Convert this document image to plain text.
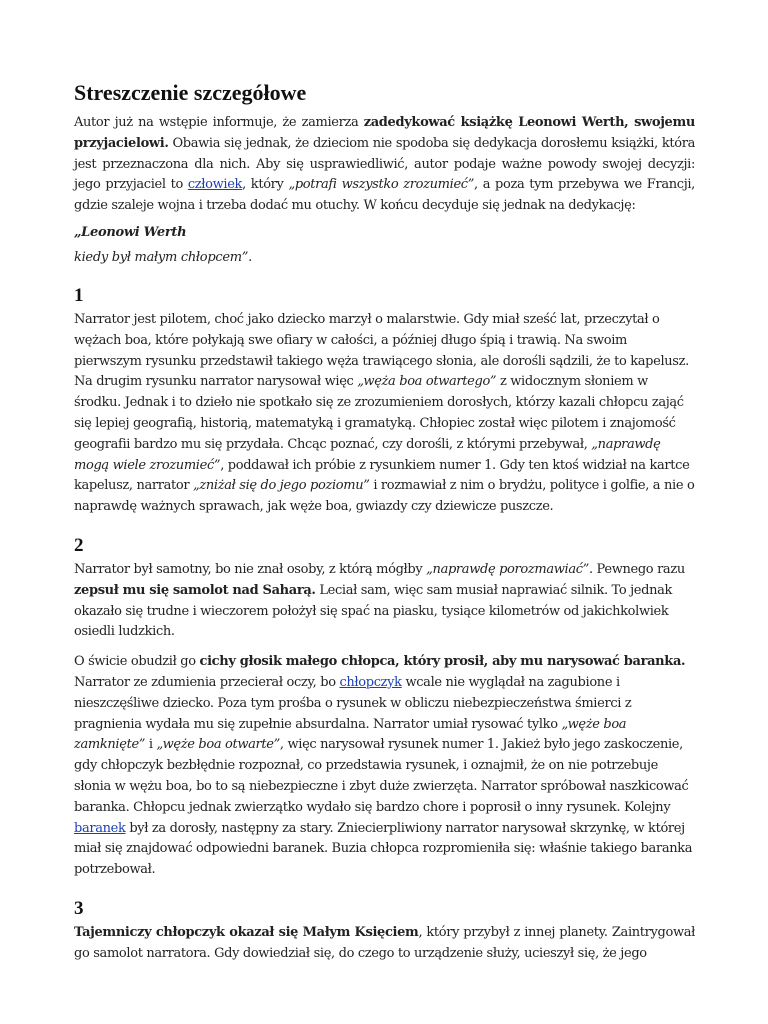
Streszczenie szczegółowe

Autor już na wstępie informuje, że zamierza zadedykować książkę Leonowi Werth, swojemu przyjacielowi. Obawia się jednak, że dzieciom nie spodoba się dedykacja dorosłemu książki, która jest przeznaczona dla nich. Aby się usprawiedliwić, autor podaje ważne powody swojej decyzji: jego przyjaciel to człowiek, który „potrafi wszystko zrozumieć”, a poza tym przebywa we Francji, gdzie szaleje wojna i trzeba dodać mu otuchy. W końcu decyduje się jednak na dedykację:

„Leonowi Werth
kiedy był małym chłopcem”.
1

Narrator jest pilotem, choć jako dziecko marzył o malarstwie. Gdy miał sześć lat, przeczytał o wężach boa, które połykają swe ofiary w całości, a później długo śpią i trawią. Na swoim pierwszym rysunku przedstawił takiego węża trawiącego słonia, ale dorośli sądzili, że to kapelusz. Na drugim rysunku narrator narysował więc „węża boa otwartego” z widocznym słoniem w środku. Jednak i to dzieło nie spotkało się ze zrozumieniem dorosłych, którzy kazali chłopcu zająć się lepiej geografią, historią, matematyką i gramatyką. Chłopiec został więc pilotem i znajomość geografii bardzo mu się przydała. Chcąc poznać, czy dorośli, z którymi przebywał, „naprawdę mogą wiele zrozumieć”, poddawał ich próbie z rysunkiem numer 1. Gdy ten ktoś widział na kartce kapelusz, narrator „zniżał się do jego poziomu” i rozmawiał z nim o brydżu, polityce i golfie, a nie o naprawdę ważnych sprawach, jak węże boa, gwiazdy czy dziewicze puszcze.

2

Narrator był samotny, bo nie znał osoby, z którą mógłby „naprawdę porozmawiać”. Pewnego razu zepsuł mu się samolot nad Saharą. Leciał sam, więc sam musiał naprawiać silnik. To jednak okazało się trudne i wieczorem położył się spać na piasku, tysiące kilometrów od jakichkolwiek osiedli ludzkich.

O świcie obudził go cichy głosik małego chłopca, który prosił, aby mu narysować baranka. Narrator ze zdumienia przecierał oczy, bo chłopczyk wcale nie wyglądał na zagubione i nieszczęśliwe dziecko. Poza tym prośba o rysunek w obliczu niebezpieczeństwa śmierci z pragnienia wydała mu się zupełnie absurdalna. Narrator umiał rysować tylko „węże boa zamknięte” i „węże boa otwarte”, więc narysował rysunek numer 1. Jakież było jego zaskoczenie, gdy chłopczyk bezbłędnie rozpoznał, co przedstawia rysunek, i oznajmił, że on nie potrzebuje słonia w wężu boa, bo to są niebezpieczne i zbyt duże zwierzęta. Narrator spróbował naszkicować baranka. Chłopcu jednak zwierzątko wydało się bardzo chore i poprosił o inny rysunek. Kolejny baranek był za dorosły, następny za stary. Zniecierpliwiony narrator narysował skrzynkę, w której miał się znajdować odpowiedni baranek. Buzia chłopca rozpromieniła się: właśnie takiego baranka potrzebował.

3

Tajemniczy chłopczyk okazał się Małym Księciem, który przybył z innej planety. Zaintrygował go samolot narratora. Gdy dowiedział się, do czego to urządzenie służy, ucieszył się, że jego
